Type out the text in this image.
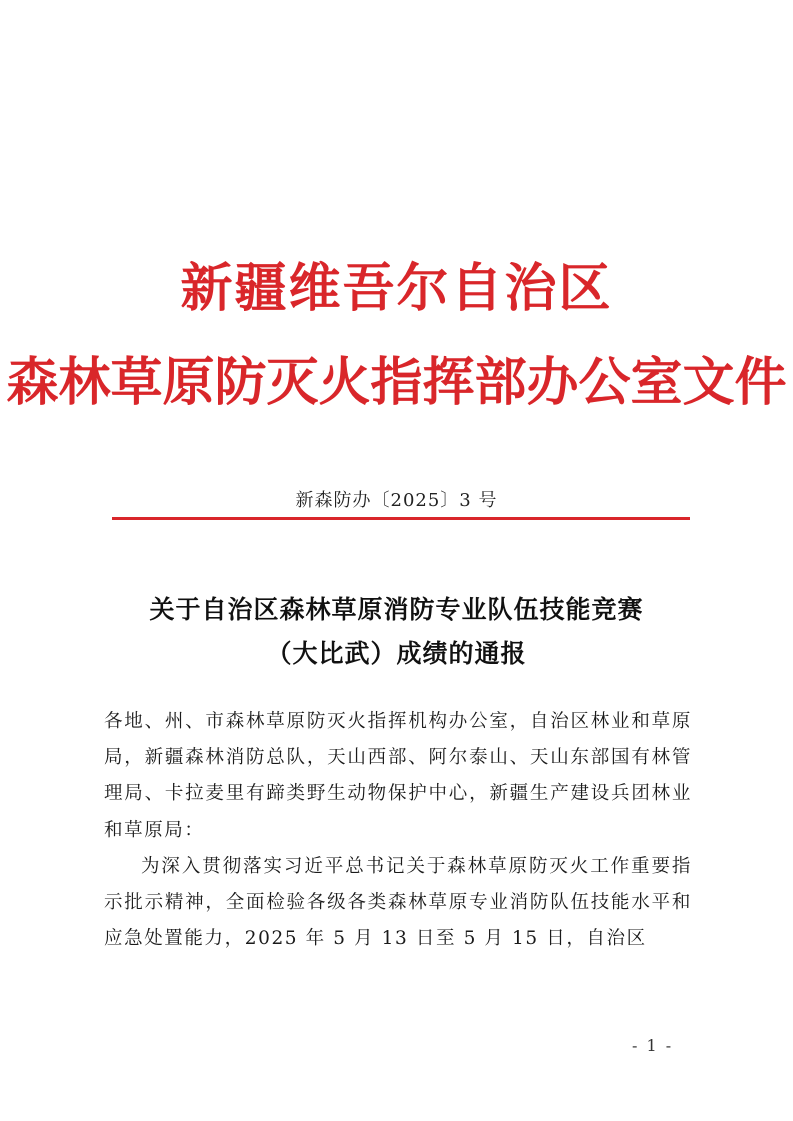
新疆维吾尔自治区
森林草原防灭火指挥部办公室文件
新森防办〔2025〕3 号
关于自治区森林草原消防专业队伍技能竞赛
（大比武）成绩的通报

各地、州、市森林草原防灭火指挥机构办公室，自治区林业和草原局，新疆森林消防总队，天山西部、阿尔泰山、天山东部国有林管理局、卡拉麦里有蹄类野生动物保护中心，新疆生产建设兵团林业和草原局：

为深入贯彻落实习近平总书记关于森林草原防灭火工作重要指示批示精神，全面检验各级各类森林草原专业消防队伍技能水平和应急处置能力，2025 年 5 月 13 日至 5 月 15 日，自治区

- 1 -
